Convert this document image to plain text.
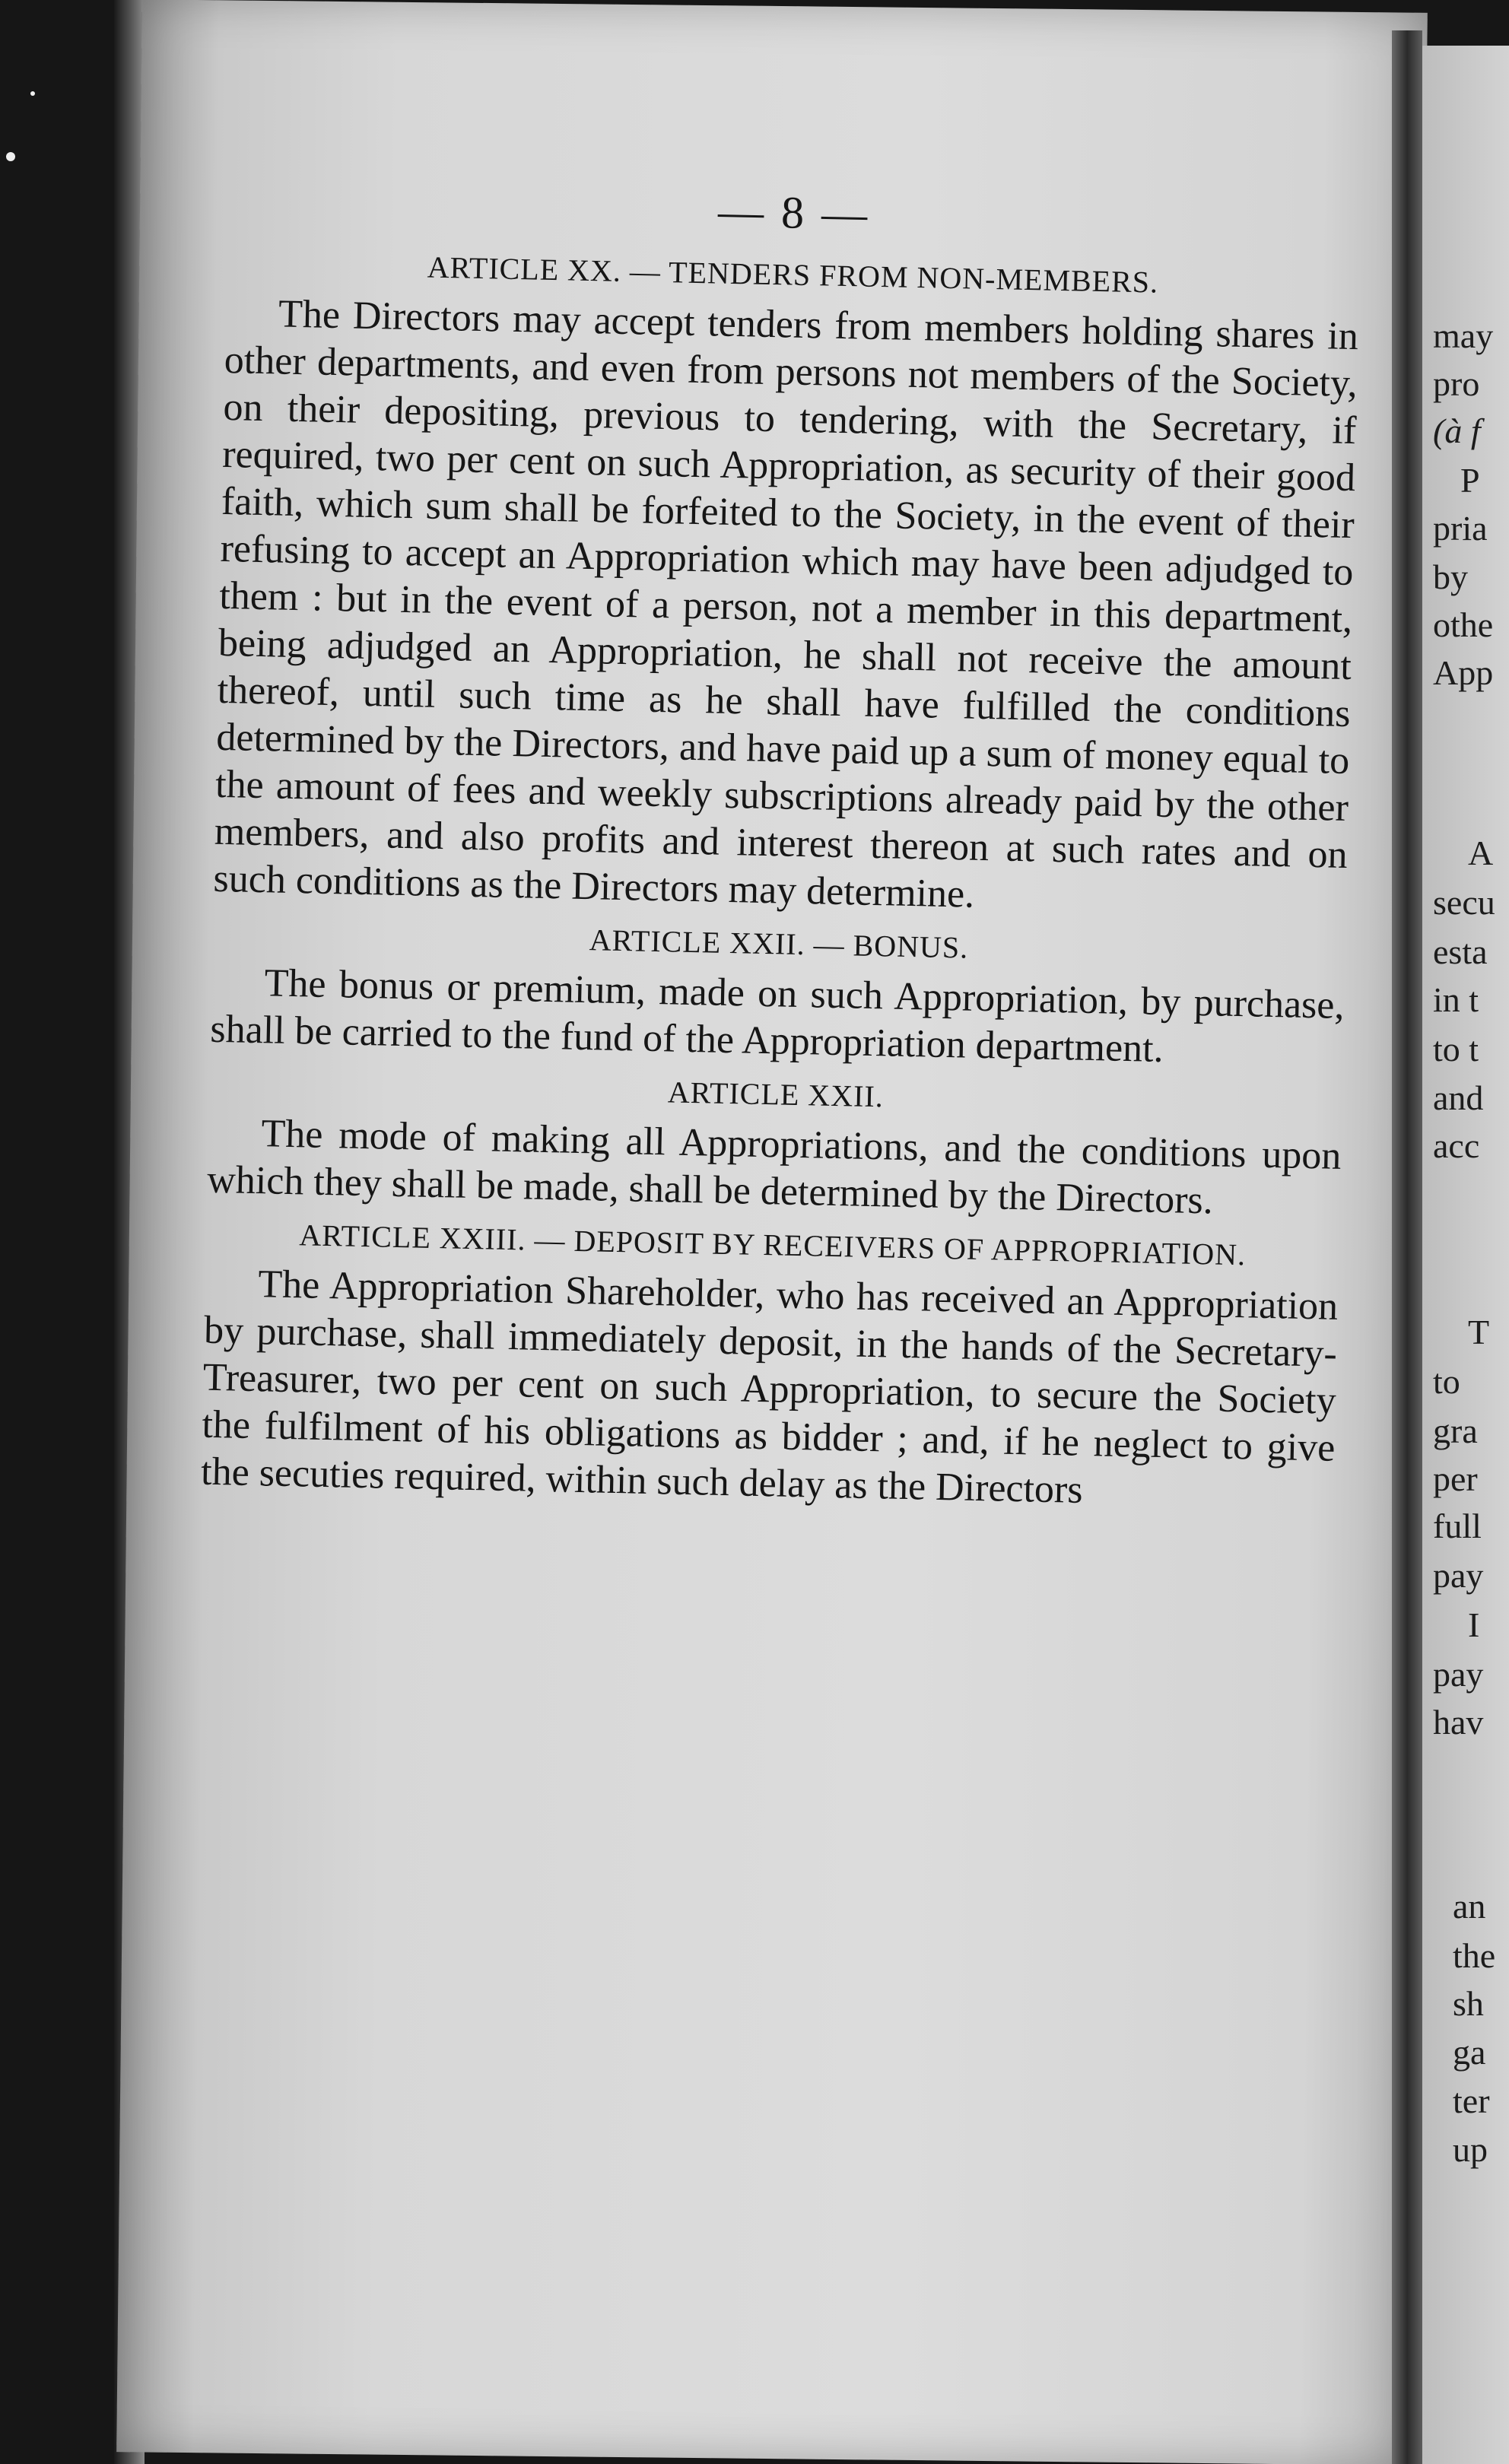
may
pro
(à f
P
pria
by
othe
App
A
secu
esta
in t
to t
and
acc
T
to
gra
per
full
pay
I
pay
hav
an
the
sh
ga
ter
up
— 8 —
ARTICLE XX. — TENDERS FROM NON-MEMBERS.

The Directors may accept tenders from members holding shares in other departments, and even from persons not members of the Society, on their depositing, previous to tendering, with the Secretary, if required, two per cent on such Appropriation, as security of their good faith, which sum shall be forfeited to the Society, in the event of their refusing to accept an Appropriation which may have been adjudged to them : but in the event of a person, not a member in this department, being adjudged an Appropriation, he shall not receive the amount thereof, until such time as he shall have fulfilled the conditions determined by the Directors, and have paid up a sum of money equal to the amount of fees and weekly subscriptions already paid by the other members, and also profits and interest thereon at such rates and on such conditions as the Directors may determine.

ARTICLE XXII. — BONUS.

The bonus or premium, made on such Appropriation, by purchase, shall be carried to the fund of the Appropriation department.

ARTICLE XXII.

The mode of making all Appropriations, and the conditions upon which they shall be made, shall be determined by the Directors.

ARTICLE XXIII. — DEPOSIT BY RECEIVERS OF APPROPRIATION.

The Appropriation Shareholder, who has received an Appropriation by purchase, shall immediately deposit, in the hands of the Secretary-Treasurer, two per cent on such Appropriation, to secure the Society the fulfilment of his obligations as bidder ; and, if he neglect to give the secuties required, within such delay as the Directors
